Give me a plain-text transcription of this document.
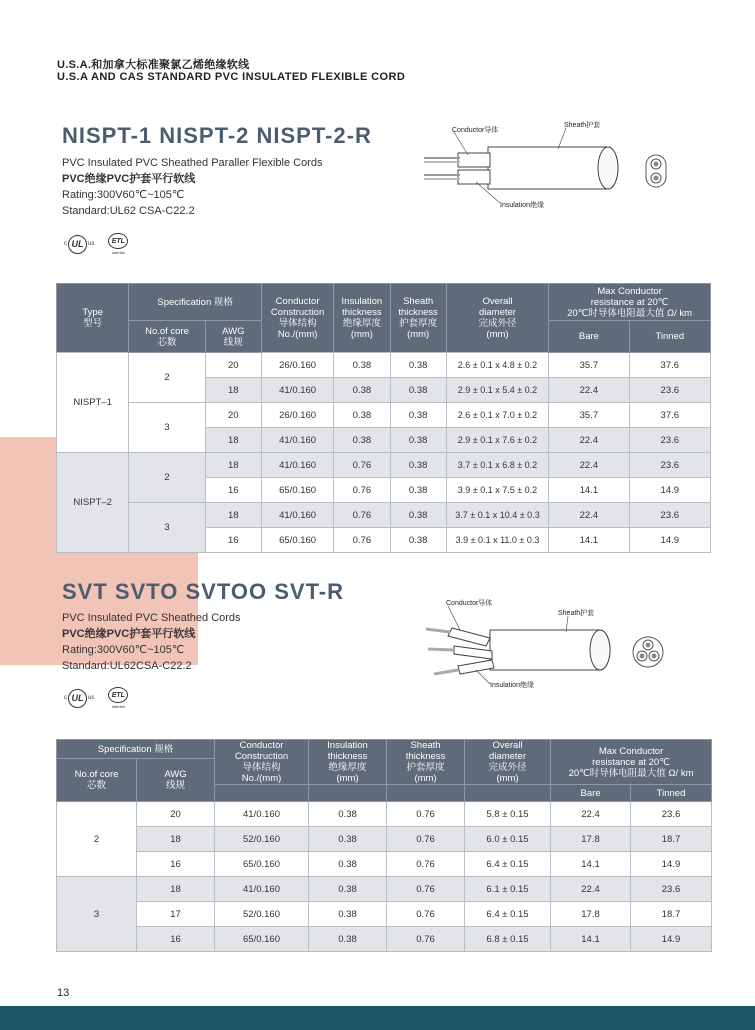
U.S.A.和加拿大标准聚氯乙烯绝缘软线
U.S.A AND CAS STANDARD PVC INSULATED FLEXIBLE CORD
NISPT-1 NISPT-2 NISPT-2-R
PVC Insulated PVC Sheathed Paraller Flexible Cords
PVC绝缘PVC护套平行软线
Rating:300V60℃~105℃
Standard:UL62 CSA-C22.2
c UL us	ETL
Intertek
Conductor导体
Sheath护套
Insulation绝缘
Type
型号	Specification 规格		Conductor
Construction
导体结构
No./(mm)	Insulation
thickness
绝缘厚度
(mm)	Sheath
thickness
护套厚度
(mm)	Overall
diameter
完成外径
(mm)	Max Conductor
resistance at 20℃
20℃时导体电阻最大值 Ω/ km	
	No.of core
芯数	AWG
线规					Bare	Tinned

NISPT–1	2	20	26/0.160	0.38	0.38	2.6 ± 0.1 x 4.8 ± 0.2	35.7	37.6
		18	41/0.160	0.38	0.38	2.9 ± 0.1 x 5.4 ± 0.2	22.4	23.6
	3	20	26/0.160	0.38	0.38	2.6 ± 0.1 x 7.0 ± 0.2	35.7	37.6
		18	41/0.160	0.38	0.38	2.9 ± 0.1 x 7.6 ± 0.2	22.4	23.6
NISPT–2	2	18	41/0.160	0.76	0.38	3.7 ± 0.1 x 6.8 ± 0.2	22.4	23.6
		16	65/0.160	0.76	0.38	3.9 ± 0.1 x 7.5 ± 0.2	14.1	14.9
	3	18	41/0.160	0.76	0.38	3.7 ± 0.1 x 10.4 ± 0.3	22.4	23.6
		16	65/0.160	0.76	0.38	3.9 ± 0.1 x 11.0 ± 0.3	14.1	14.9
SVT SVTO SVTOO SVT-R
PVC Insulated PVC Sheathed Cords
PVC绝缘PVC护套平行软线
Rating:300V60℃~105℃
Standard:UL62CSA-C22.2
c UL us	ETL
Intertek
Conductor导体
Sheath护套
Insulation绝缘
Specification 规格		Conductor
Construction
导体结构
No./(mm)	Insulation
thickness
绝缘厚度
(mm)	Sheath
thickness
护套厚度
(mm)	Overall
diameter
完成外径
(mm)	Max Conductor
resistance at 20℃
20℃时导体电阻最大值 Ω/ km	
No.of core
芯数	AWG
线规						
						Bare	Tinned
2	20	41/0.160	0.38	0.76	5.8 ± 0.15	22.4	23.6
	18	52/0.160	0.38	0.76	6.0 ± 0.15	17.8	18.7
	16	65/0.160	0.38	0.76	6.4 ± 0.15	14.1	14.9
3	18	41/0.160	0.38	0.76	6.1 ± 0.15	22.4	23.6
	17	52/0.160	0.38	0.76	6.4 ± 0.15	17.8	18.7
	16	65/0.160	0.38	0.76	6.8 ± 0.15	14.1	14.9
13
